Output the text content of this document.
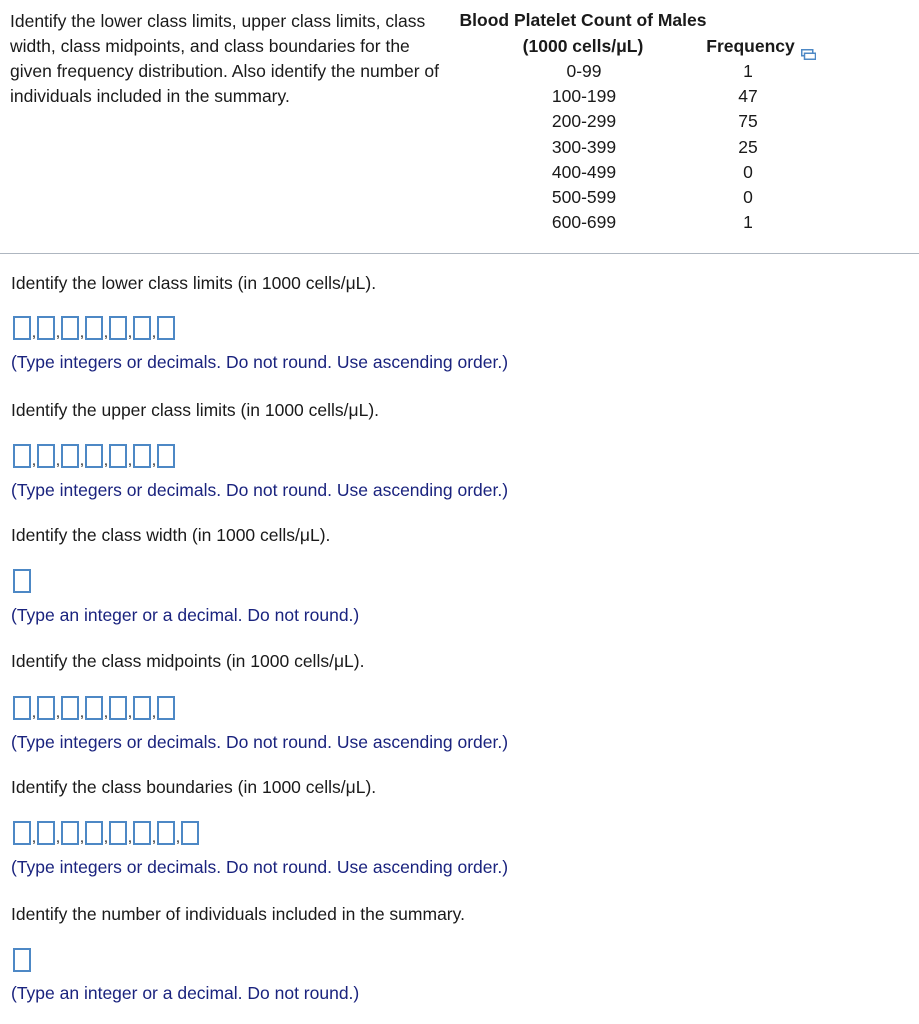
Identify the lower class limits, upper class limits, class width, class midpoints, and class boundaries for the given frequency distribution. Also identify the number of individuals included in the summary.
Blood Platelet Count of Males (1000 cells/μL)	Frequency
0-99	1
100-199	47
200-299	75
300-399	25
400-499	0
500-599	0
600-699	1
Identify the lower class limits (in 1000 cells/μL).
, , , , , ,
(Type integers or decimals. Do not round. Use ascending order.)
Identify the upper class limits (in 1000 cells/μL).
, , , , , ,
(Type integers or decimals. Do not round. Use ascending order.)
Identify the class width (in 1000 cells/μL).
(Type an integer or a decimal. Do not round.)
Identify the class midpoints (in 1000 cells/μL).
, , , , , ,
(Type integers or decimals. Do not round. Use ascending order.)
Identify the class boundaries (in 1000 cells/μL).
, , , , , , ,
(Type integers or decimals. Do not round. Use ascending order.)
Identify the number of individuals included in the summary.
(Type an integer or a decimal. Do not round.)
